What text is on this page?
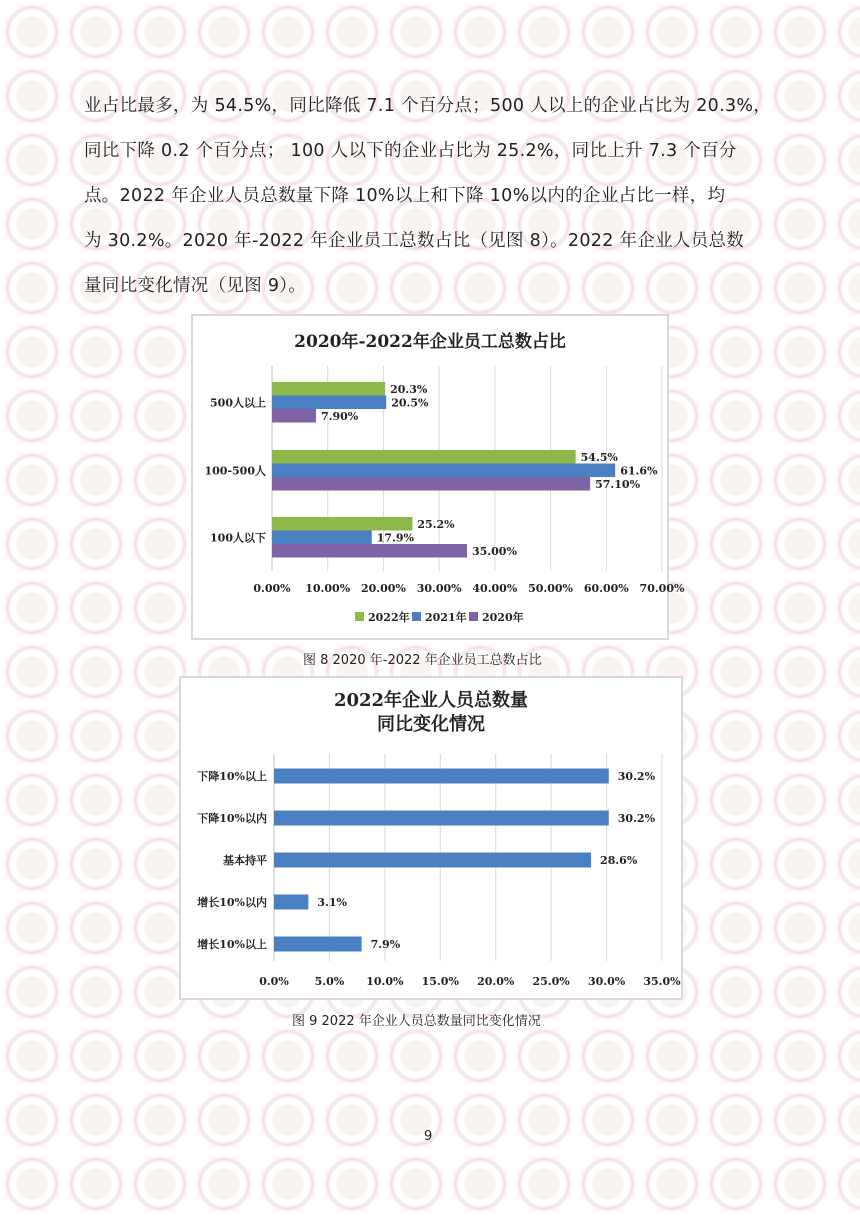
业占比最多，为 54.5%，同比降低 7.1 个百分点；500 人以上的企业占比为 20.3%，
同比下降 0.2 个百分点； 100 人以下的企业占比为 25.2%，同比上升 7.3 个百分
点。2022 年企业人员总数量下降 10%以上和下降 10%以内的企业占比一样，均
为 30.2%。2020 年-2022 年企业员工总数占比（见图 8）。2022 年企业人员总数
量同比变化情况（见图 9）。
2020年-2022年企业员工总数占比
0.00% 10.00% 20.00% 30.00% 40.00% 50.00% 60.00% 70.00%
500人以上
20.3%
20.5%
7.90%
100-500人
54.5%
61.6%
57.10%
100人以下
25.2%
17.9%
35.00%
2022年 2021年 2020年
图 8 2020 年-2022 年企业员工总数占比
2022年企业人员总数量
同比变化情况
0.0% 5.0% 10.0% 15.0% 20.0% 25.0% 30.0% 35.0%
下降10%以上	30.2%
下降10%以内	30.2%
基本持平	28.6%
增长10%以内	3.1%
增长10%以上	7.9%
图 9 2022 年企业人员总数量同比变化情况
9
